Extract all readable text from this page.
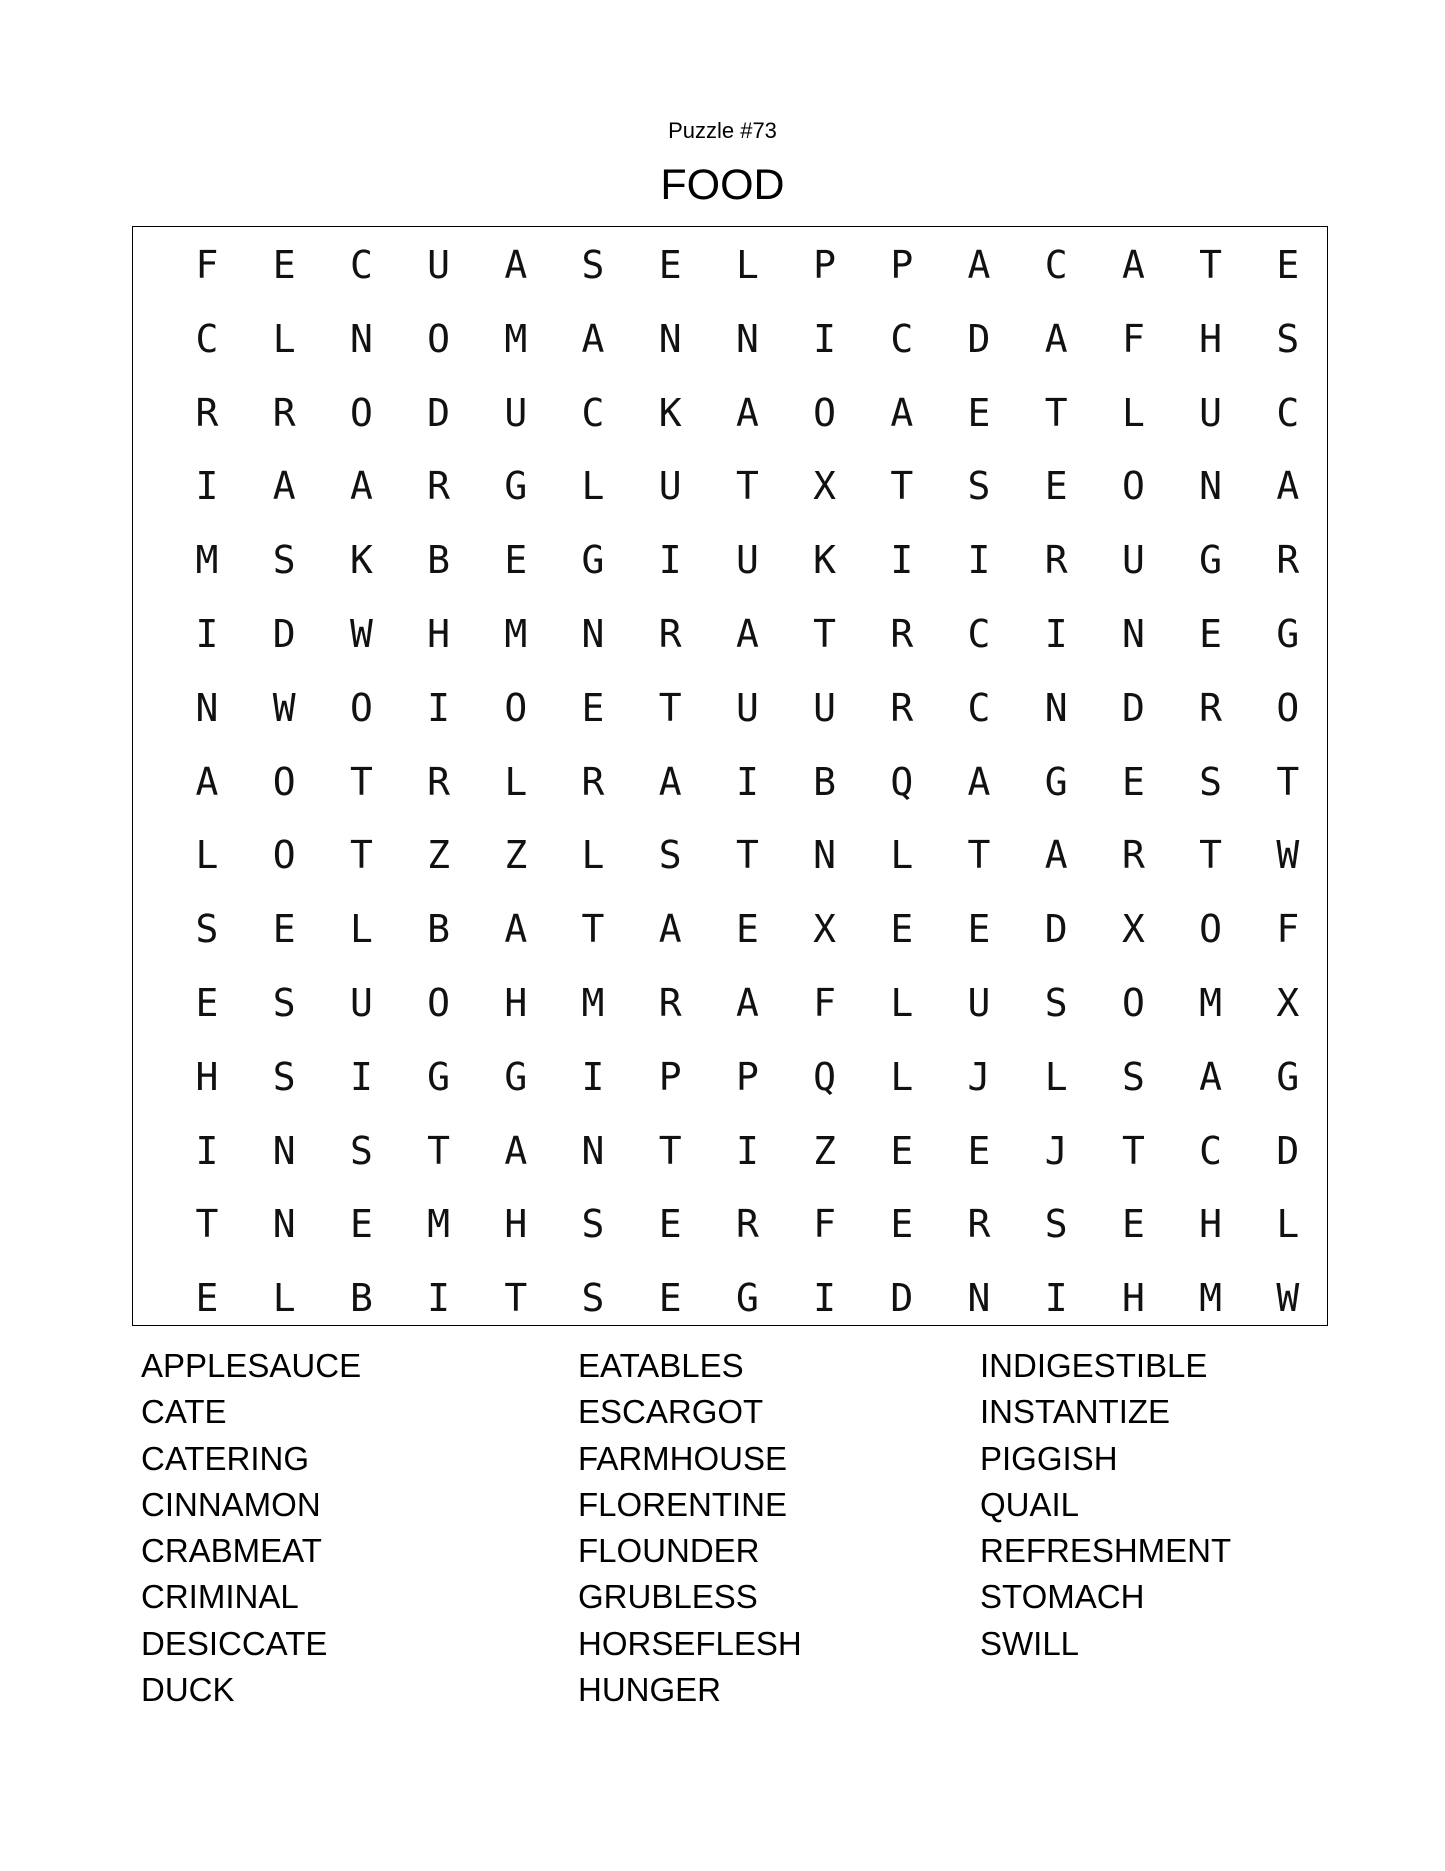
Puzzle #73
FOOD
F	E	C	U	A	S	E	L	P	P	A	C	A	T	E
C	L	N	O	M	A	N	N	I	C	D	A	F	H	S
R	R	O	D	U	C	K	A	O	A	E	T	L	U	C
I	A	A	R	G	L	U	T	X	T	S	E	O	N	A
M	S	K	B	E	G	I	U	K	I	I	R	U	G	R
I	D	W	H	M	N	R	A	T	R	C	I	N	E	G
N	W	O	I	O	E	T	U	U	R	C	N	D	R	O
A	O	T	R	L	R	A	I	B	Q	A	G	E	S	T
L	O	T	Z	Z	L	S	T	N	L	T	A	R	T	W
S	E	L	B	A	T	A	E	X	E	E	D	X	O	F
E	S	U	O	H	M	R	A	F	L	U	S	O	M	X
H	S	I	G	G	I	P	P	Q	L	J	L	S	A	G
I	N	S	T	A	N	T	I	Z	E	E	J	T	C	D
T	N	E	M	H	S	E	R	F	E	R	S	E	H	L
E	L	B	I	T	S	E	G	I	D	N	I	H	M	W
APPLESAUCE
CATE
CATERING
CINNAMON
CRABMEAT
CRIMINAL
DESICCATE
DUCK
EATABLES
ESCARGOT
FARMHOUSE
FLORENTINE
FLOUNDER
GRUBLESS
HORSEFLESH
HUNGER
INDIGESTIBLE
INSTANTIZE
PIGGISH
QUAIL
REFRESHMENT
STOMACH
SWILL
